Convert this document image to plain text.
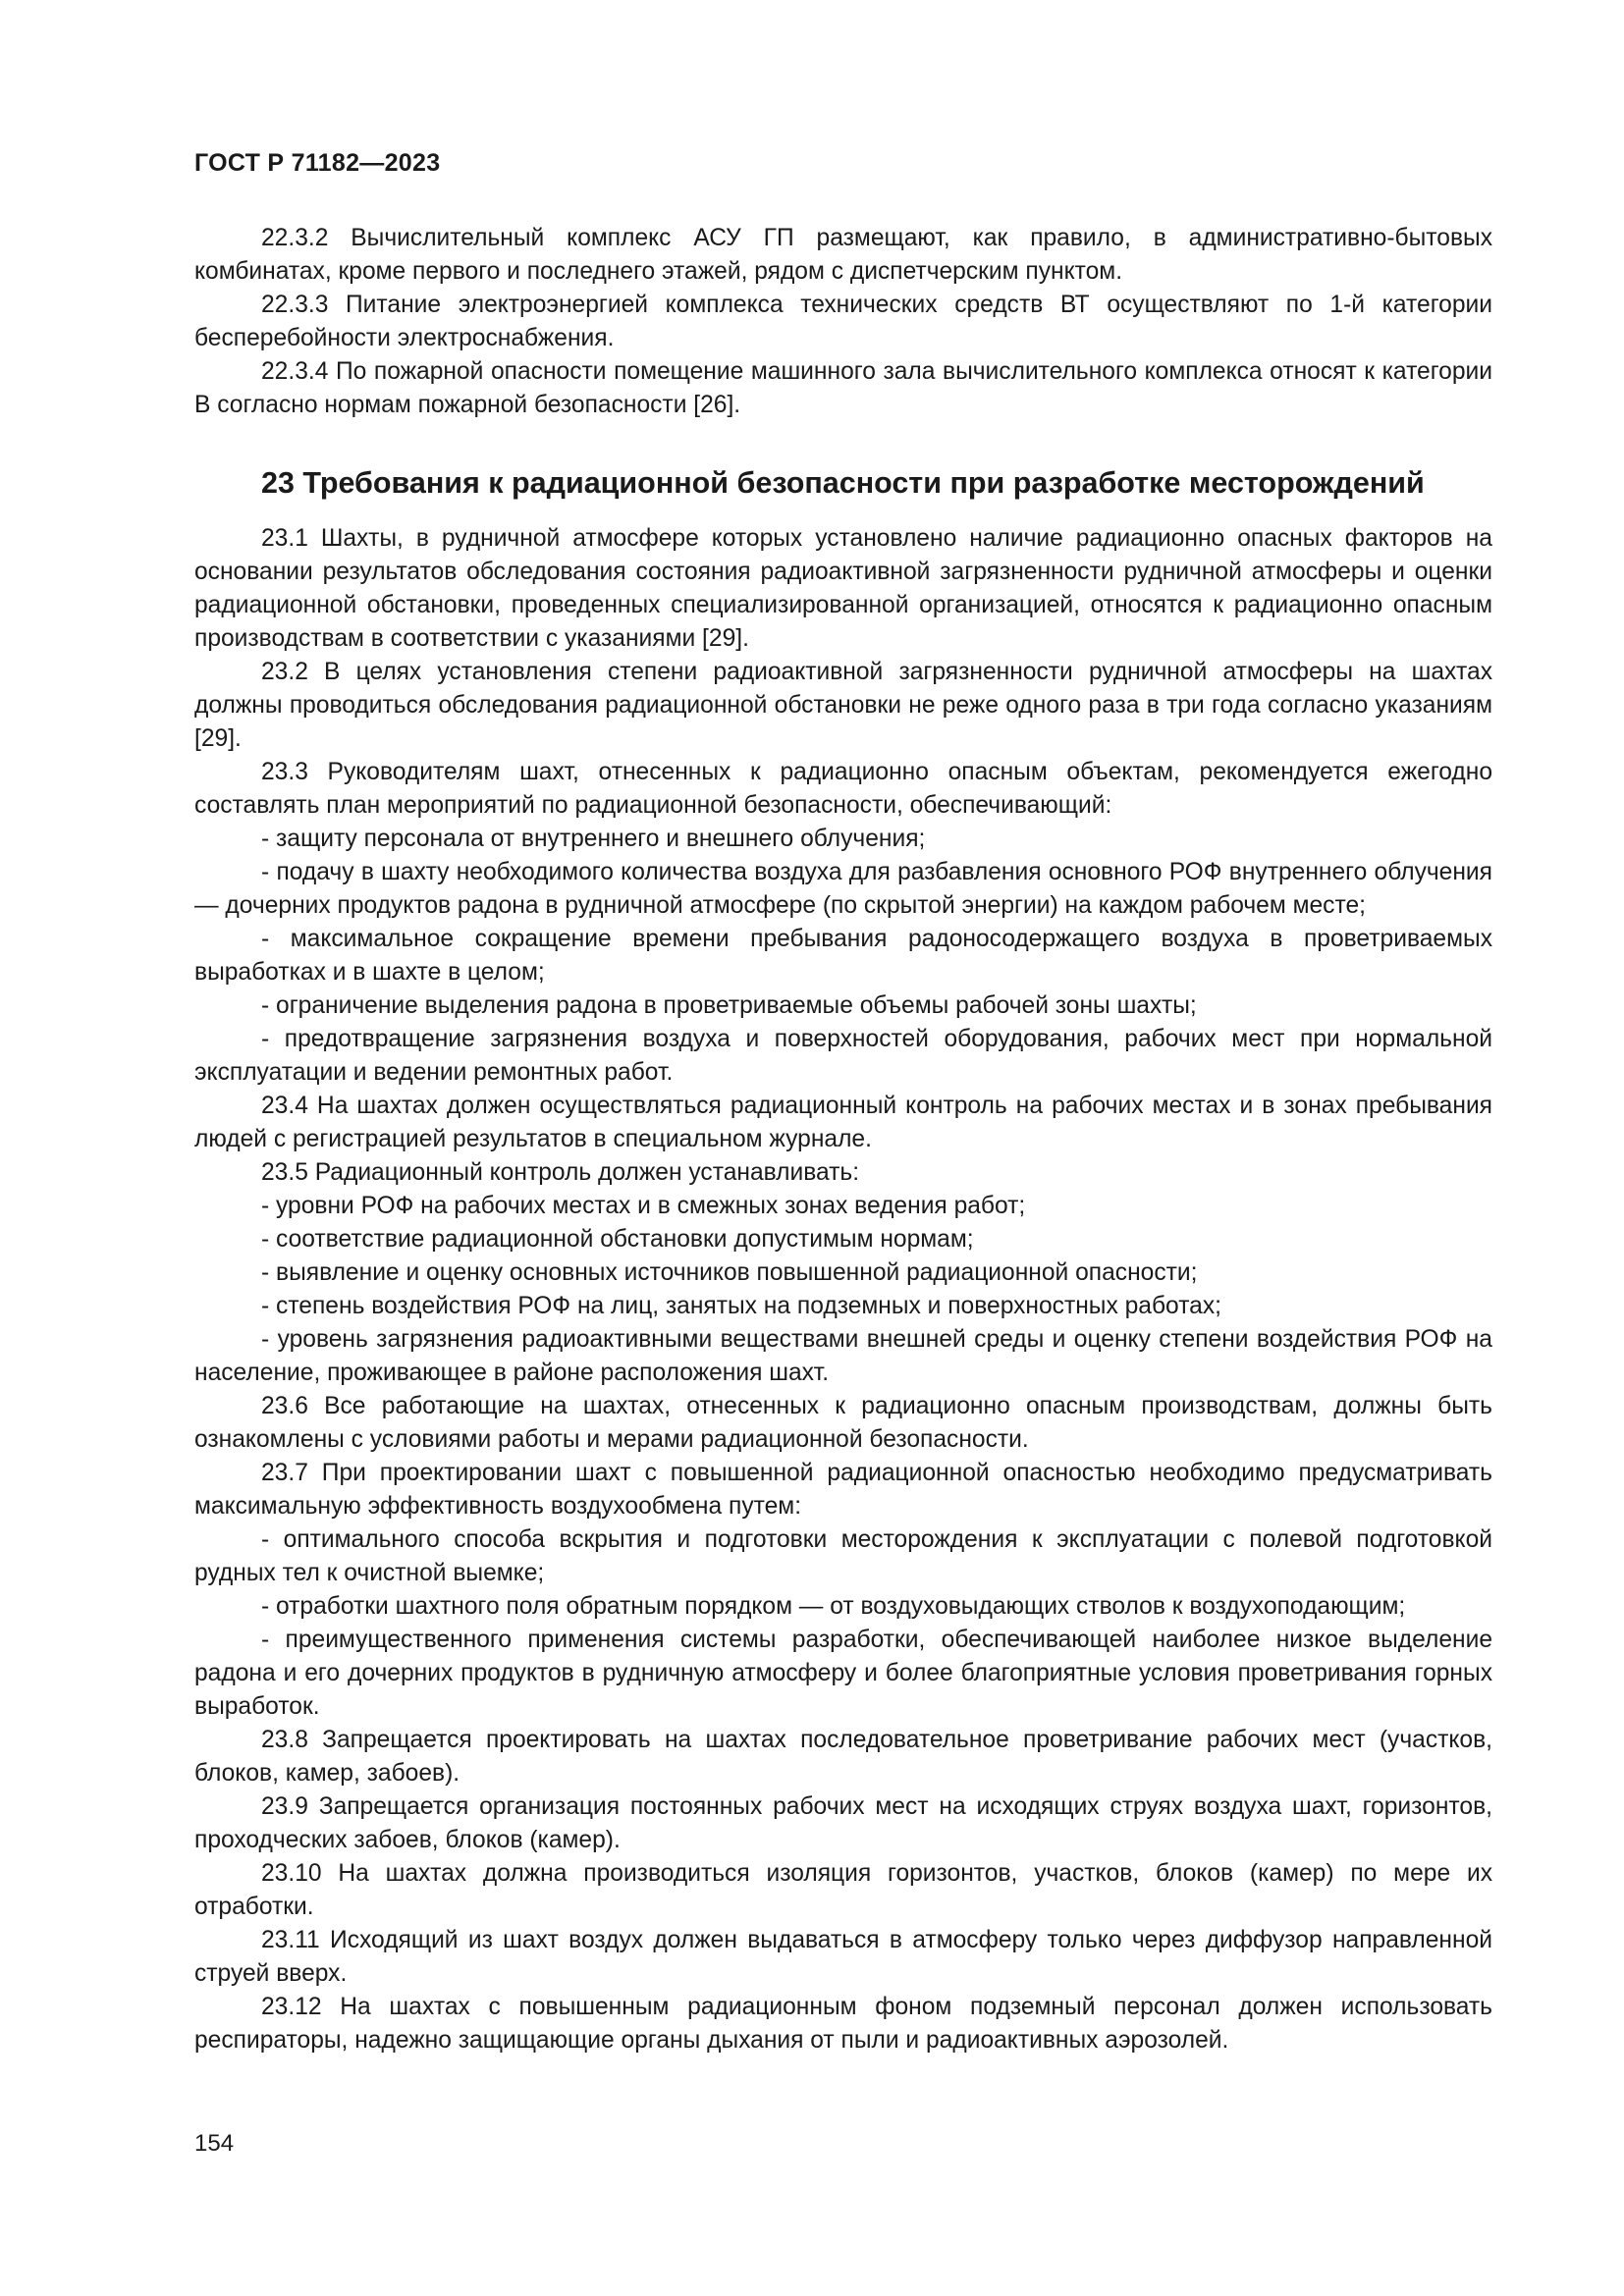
ГОСТ Р 71182—2023

22.3.2 Вычислительный комплекс АСУ ГП размещают, как правило, в административно-бытовых комбинатах, кроме первого и последнего этажей, рядом с диспетчерским пунктом.

22.3.3 Питание электроэнергией комплекса технических средств ВТ осуществляют по 1-й категории бесперебойности электроснабжения.

22.3.4 По пожарной опасности помещение машинного зала вычислительного комплекса относят к категории В согласно нормам пожарной безопасности [26].

23 Требования к радиационной безопасности при разработке месторождений

23.1 Шахты, в рудничной атмосфере которых установлено наличие радиационно опасных факторов на основании результатов обследования состояния радиоактивной загрязненности рудничной атмосферы и оценки радиационной обстановки, проведенных специализированной организацией, относятся к радиационно опасным производствам в соответствии с указаниями [29].

23.2 В целях установления степени радиоактивной загрязненности рудничной атмосферы на шахтах должны проводиться обследования радиационной обстановки не реже одного раза в три года согласно указаниям [29].

23.3 Руководителям шахт, отнесенных к радиационно опасным объектам, рекомендуется ежегодно составлять план мероприятий по радиационной безопасности, обеспечивающий:

- защиту персонала от внутреннего и внешнего облучения;

- подачу в шахту необходимого количества воздуха для разбавления основного РОФ внутреннего облучения — дочерних продуктов радона в рудничной атмосфере (по скрытой энергии) на каждом рабочем месте;

- максимальное сокращение времени пребывания радоносодержащего воздуха в проветриваемых выработках и в шахте в целом;

- ограничение выделения радона в проветриваемые объемы рабочей зоны шахты;

- предотвращение загрязнения воздуха и поверхностей оборудования, рабочих мест при нормальной эксплуатации и ведении ремонтных работ.

23.4 На шахтах должен осуществляться радиационный контроль на рабочих местах и в зонах пребывания людей с регистрацией результатов в специальном журнале.

23.5 Радиационный контроль должен устанавливать:

- уровни РОФ на рабочих местах и в смежных зонах ведения работ;

- соответствие радиационной обстановки допустимым нормам;

- выявление и оценку основных источников повышенной радиационной опасности;

- степень воздействия РОФ на лиц, занятых на подземных и поверхностных работах;

- уровень загрязнения радиоактивными веществами внешней среды и оценку степени воздействия РОФ на население, проживающее в районе расположения шахт.

23.6 Все работающие на шахтах, отнесенных к радиационно опасным производствам, должны быть ознакомлены с условиями работы и мерами радиационной безопасности.

23.7 При проектировании шахт с повышенной радиационной опасностью необходимо предусматривать максимальную эффективность воздухообмена путем:

- оптимального способа вскрытия и подготовки месторождения к эксплуатации с полевой подготовкой рудных тел к очистной выемке;

- отработки шахтного поля обратным порядком — от воздуховыдающих стволов к воздухоподающим;

- преимущественного применения системы разработки, обеспечивающей наиболее низкое выделение радона и его дочерних продуктов в рудничную атмосферу и более благоприятные условия проветривания горных выработок.

23.8 Запрещается проектировать на шахтах последовательное проветривание рабочих мест (участков, блоков, камер, забоев).

23.9 Запрещается организация постоянных рабочих мест на исходящих струях воздуха шахт, горизонтов, проходческих забоев, блоков (камер).

23.10 На шахтах должна производиться изоляция горизонтов, участков, блоков (камер) по мере их отработки.

23.11 Исходящий из шахт воздух должен выдаваться в атмосферу только через диффузор направленной струей вверх.

23.12 На шахтах с повышенным радиационным фоном подземный персонал должен использовать респираторы, надежно защищающие органы дыхания от пыли и радиоактивных аэрозолей.

154
